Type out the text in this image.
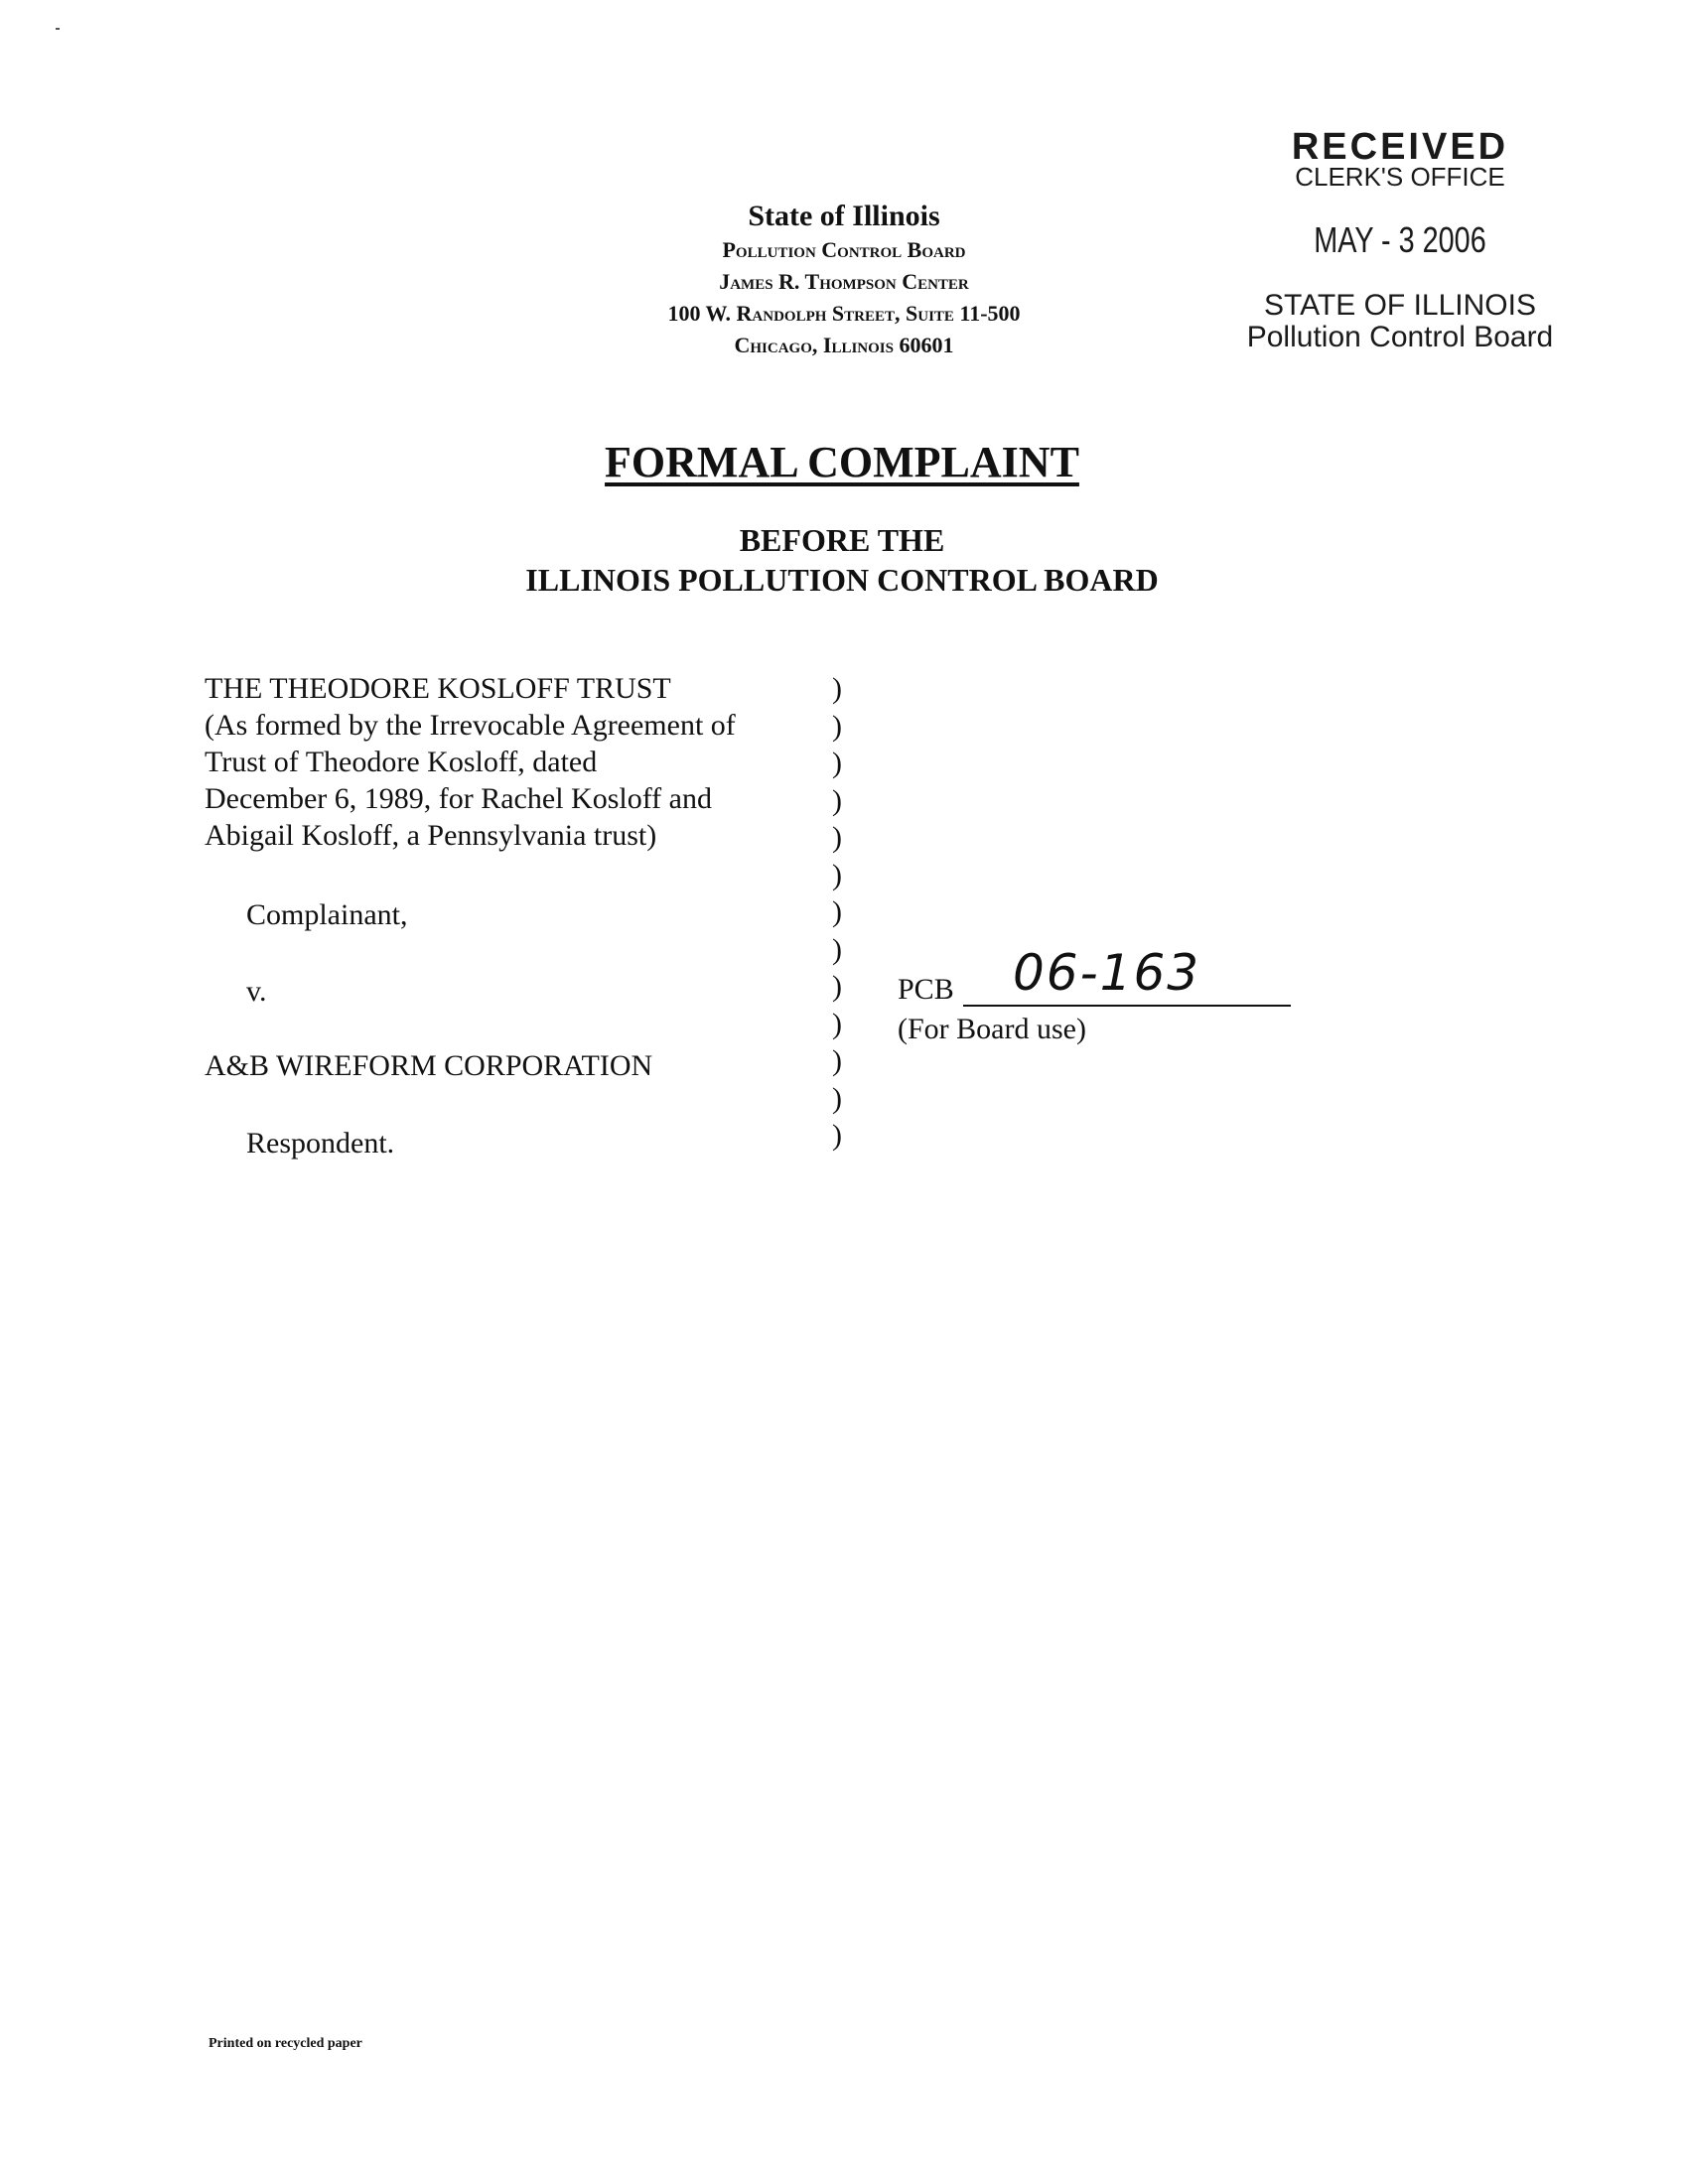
RECEIVED
CLERK'S OFFICE
MAY - 3 2006
STATE OF ILLINOIS
Pollution Control Board
State of Illinois
Pollution Control Board
James R. Thompson Center
100 W. Randolph Street, Suite 11-500
Chicago, Illinois 60601
FORMAL COMPLAINT
BEFORE THE
ILLINOIS POLLUTION CONTROL BOARD
THE THEODORE KOSLOFF TRUST
(As formed by the Irrevocable Agreement of
Trust of Theodore Kosloff, dated
December 6, 1989, for Rachel Kosloff and
Abigail Kosloff, a Pennsylvania trust)
Complainant,
v.
A&B WIREFORM CORPORATION
Respondent.
)
)
)
)
)
)
)
)
)
)
)
)
)
PCB 06-163
(For Board use)
Printed on recycled paper
